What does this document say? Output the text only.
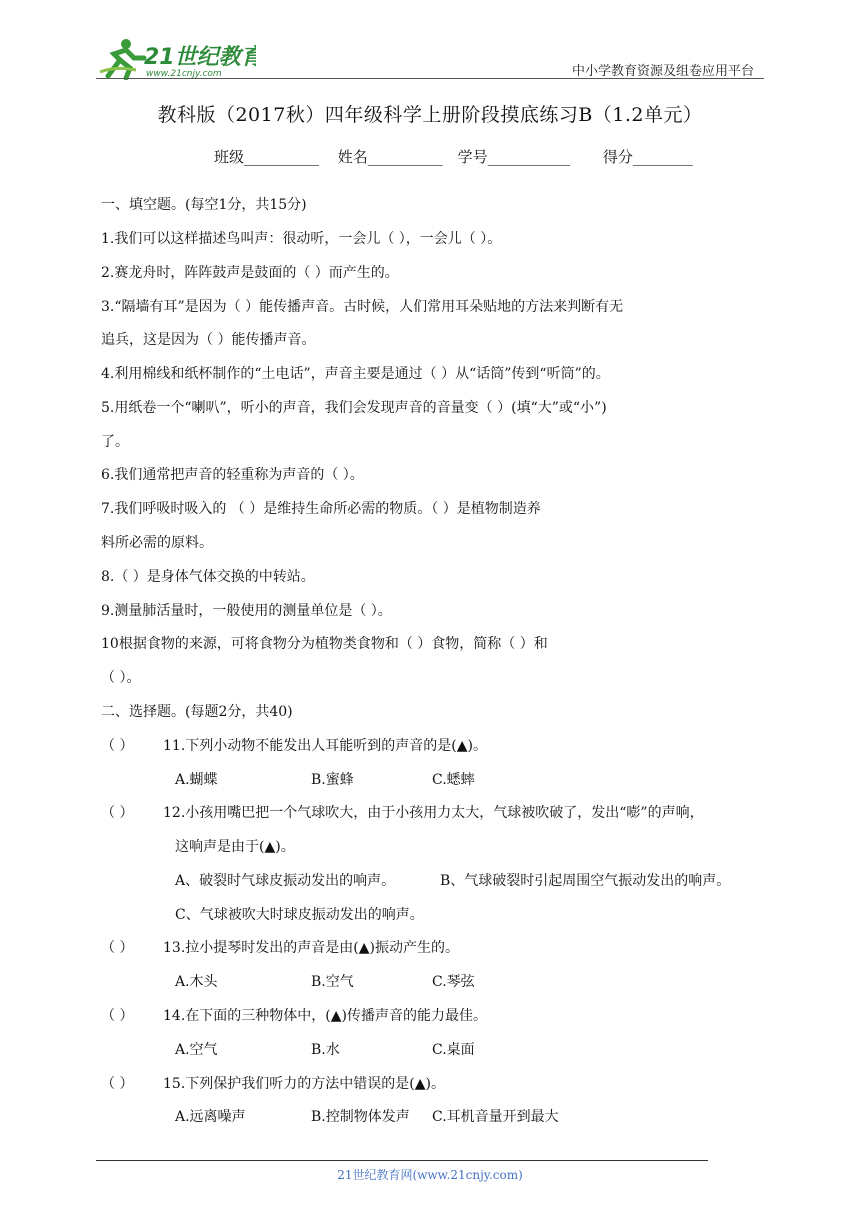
21世纪教育
www.21cnjy.com	中小学教育资源及组卷应用平台
教科版（2017秋）四年级科学上册阶段摸底练习B（1.2单元）
班级__________ 姓名__________ 学号___________ 得分________
一、填空题。(每空1分，共15分)
1.我们可以这样描述鸟叫声：很动听，一会儿（ ），一会儿（ ）。
2.赛龙舟时，阵阵鼓声是鼓面的（ ）而产生的。
3.“隔墙有耳”是因为（ ）能传播声音。古时候，人们常用耳朵贴地的方法来判断有无
追兵，这是因为（ ）能传播声音。
4.利用棉线和纸杯制作的“土电话”，声音主要是通过（ ）从“话筒”传到“听筒”的。
5.用纸卷一个“喇叭”，听小的声音，我们会发现声音的音量变（ ）(填“大”或“小”)
了。
6.我们通常把声音的轻重称为声音的（ ）。
7.我们呼吸时吸入的 （ ）是维持生命所必需的物质。（ ）是植物制造养
料所必需的原料。
8.（ ）是身体气体交换的中转站。
9.测量肺活量时，一般使用的测量单位是（ ）。
10根据食物的来源，可将食物分为植物类食物和（ ）食物，简称（ ）和
（ ）。
二、选择题。(每题2分，共40)
（ ） 11.下列小动物不能发出人耳能听到的声音的是(▲)。
A.蝴蝶	B.蜜蜂	C.蟋蟀
（ ） 12.小孩用嘴巴把一个气球吹大，由于小孩用力太大，气球被吹破了，发出“嘭”的声响，
这响声是由于(▲)。
A、破裂时气球皮振动发出的响声。	B、气球破裂时引起周围空气振动发出的响声。
C、气球被吹大时球皮振动发出的响声。
（ ） 13.拉小提琴时发出的声音是由(▲)振动产生的。
A.木头	B.空气	C.琴弦
（ ） 14.在下面的三种物体中，(▲)传播声音的能力最佳。
A.空气	B.水	C.桌面
（ ） 15.下列保护我们听力的方法中错误的是(▲)。
A.远离噪声	B.控制物体发声 C.耳机音量开到最大
21世纪教育网(www.21cnjy.com)
